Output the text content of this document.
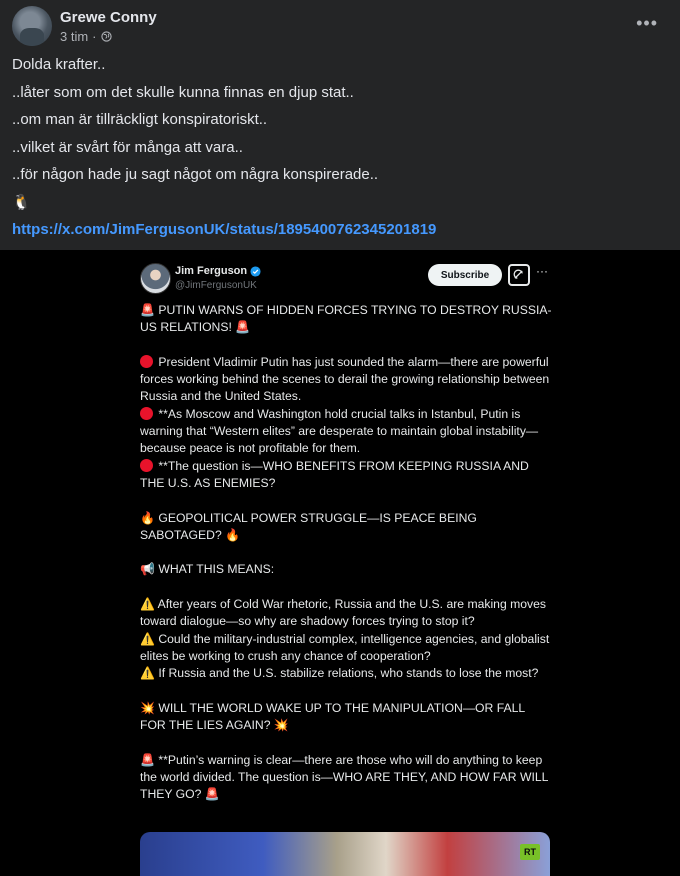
Grewe Conny
3 tim ·
•••
Dolda krafter..
..låter som om det skulle kunna finnas en djup stat..
..om man är tillräckligt konspiratoriskt..
..vilket är svårt för många att vara..
..för någon hade ju sagt något om några konspirerade..
🐧
https://x.com/JimFergusonUK/status/1895400762345201819
Jim Ferguson
@JimFergusonUK
Subscribe	···

🚨 PUTIN WARNS OF HIDDEN FORCES TRYING TO DESTROY RUSSIA-US RELATIONS! 🚨

President Vladimir Putin has just sounded the alarm—there are powerful forces working behind the scenes to derail the growing relationship between Russia and the United States.

**As Moscow and Washington hold crucial talks in Istanbul, Putin is warning that “Western elites” are desperate to maintain global instability—because peace is not profitable for them.

**The question is—WHO BENEFITS FROM KEEPING RUSSIA AND THE U.S. AS ENEMIES?

🔥 GEOPOLITICAL POWER STRUGGLE—IS PEACE BEING SABOTAGED? 🔥

📢 WHAT THIS MEANS:

⚠️ After years of Cold War rhetoric, Russia and the U.S. are making moves toward dialogue—so why are shadowy forces trying to stop it?

⚠️ Could the military-industrial complex, intelligence agencies, and globalist elites be working to crush any chance of cooperation?

⚠️ If Russia and the U.S. stabilize relations, who stands to lose the most?

💥 WILL THE WORLD WAKE UP TO THE MANIPULATION—OR FALL FOR THE LIES AGAIN? 💥

🚨 **Putin’s warning is clear—there are those who will do anything to keep the world divided. The question is—WHO ARE THEY, AND HOW FAR WILL THEY GO? 🚨

RT
